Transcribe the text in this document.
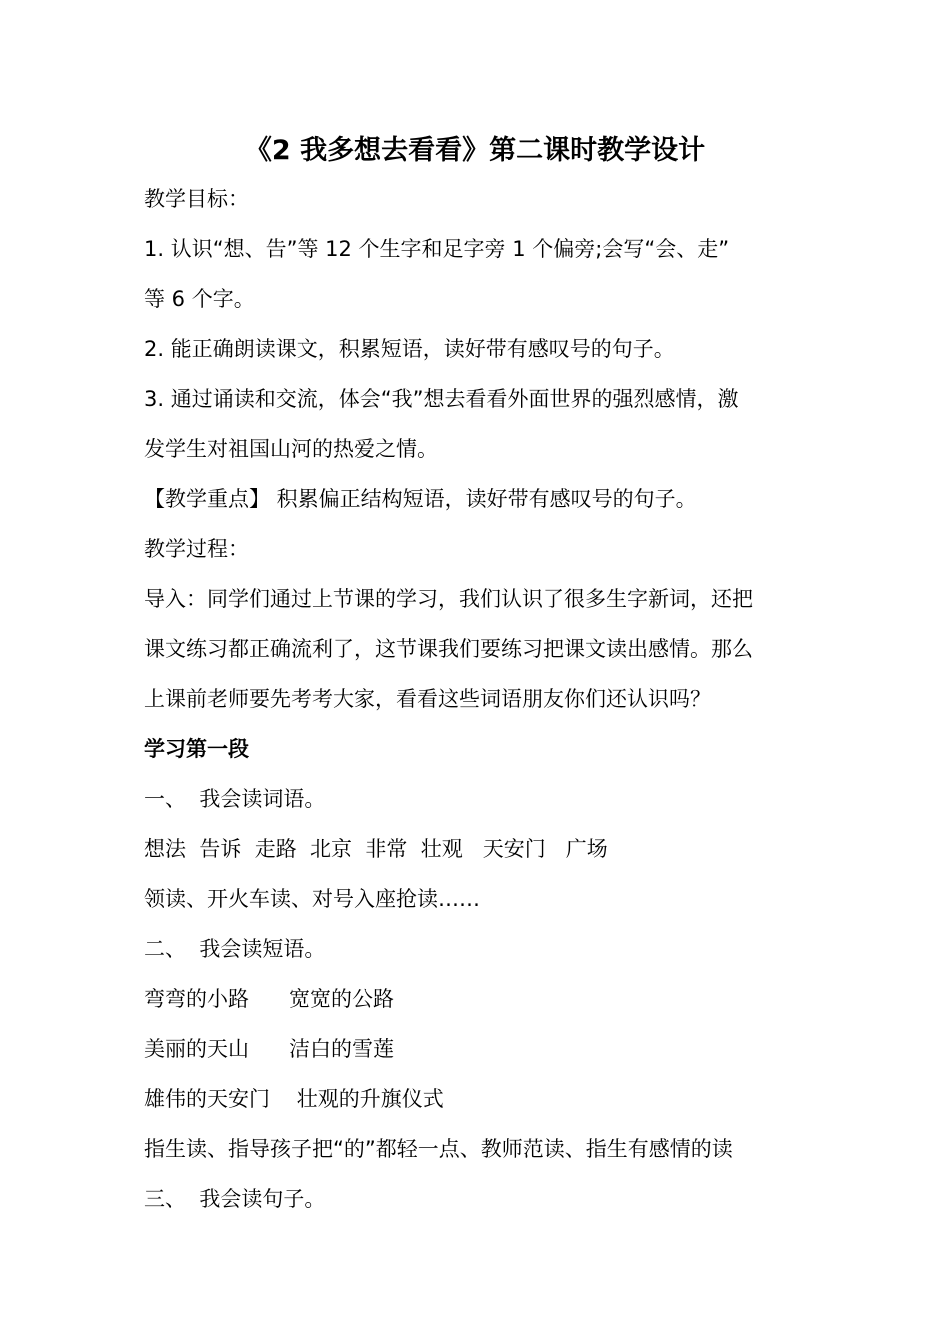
《2 我多想去看看》第二课时教学设计
教学目标：
1. 认识“想、告”等 12 个生字和足字旁 1 个偏旁;会写“会、走”
等 6 个字。
2. 能正确朗读课文，积累短语，读好带有感叹号的句子。
3. 通过诵读和交流，体会“我”想去看看外面世界的强烈感情，激
发学生对祖国山河的热爱之情。
【教学重点】 积累偏正结构短语，读好带有感叹号的句子。
教学过程：
导入：同学们通过上节课的学习，我们认识了很多生字新词，还把
课文练习都正确流利了，这节课我们要练习把课文读出感情。那么
上课前老师要先考考大家，看看这些词语朋友你们还认识吗？
学习第一段
一、  我会读词语。
想法  告诉  走路  北京  非常  壮观   天安门   广场
领读、开火车读、对号入座抢读……
二、  我会读短语。
弯弯的小路      宽宽的公路
美丽的天山      洁白的雪莲
雄伟的天安门    壮观的升旗仪式
指生读、指导孩子把“的”都轻一点、教师范读、指生有感情的读
三、  我会读句子。
